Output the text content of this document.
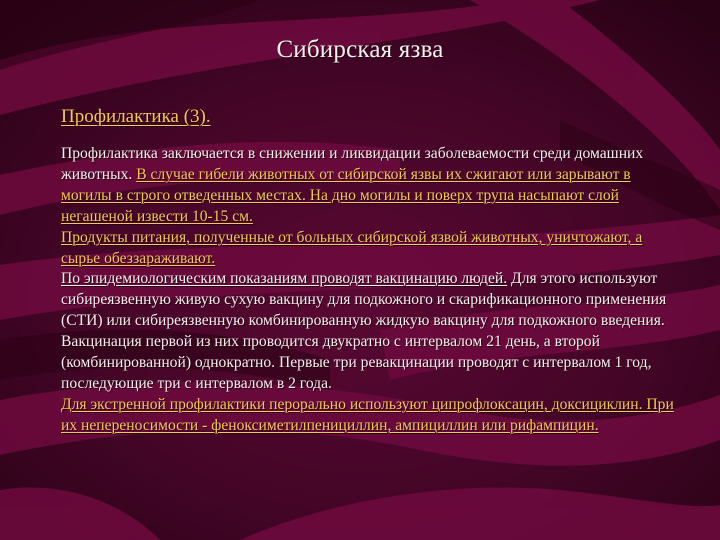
Сибирская язва
Профилактика (3).

Профилактика заключается в снижении и ликвидации заболеваемости среди домашних животных. В случае гибели животных от сибирской язвы их сжигают или зарывают в могилы в строго отведенных местах. На дно могилы и поверх трупа насыпают слой негашеной извести 10-15 см.

Продукты питания, полученные от больных сибирской язвой животных, уничтожают, а сырье обеззараживают.

По эпидемиологическим показаниям проводят вакцинацию людей. Для этого используют сибиреязвенную живую сухую вакцину для подкожного и скарификационного применения (СТИ) или сибиреязвенную комбинированную жидкую вакцину для подкожного введения.

Вакцинация первой из них проводится двукратно с интервалом 21 день, а второй (комбинированной) однократно. Первые три ревакцинации проводят с интервалом 1 год, последующие три с интервалом в 2 года.

Для экстренной профилактики перорально используют ципрофлоксацин, доксициклин. При их непереносимости - феноксиметилпенициллин, ампициллин или рифампицин.
